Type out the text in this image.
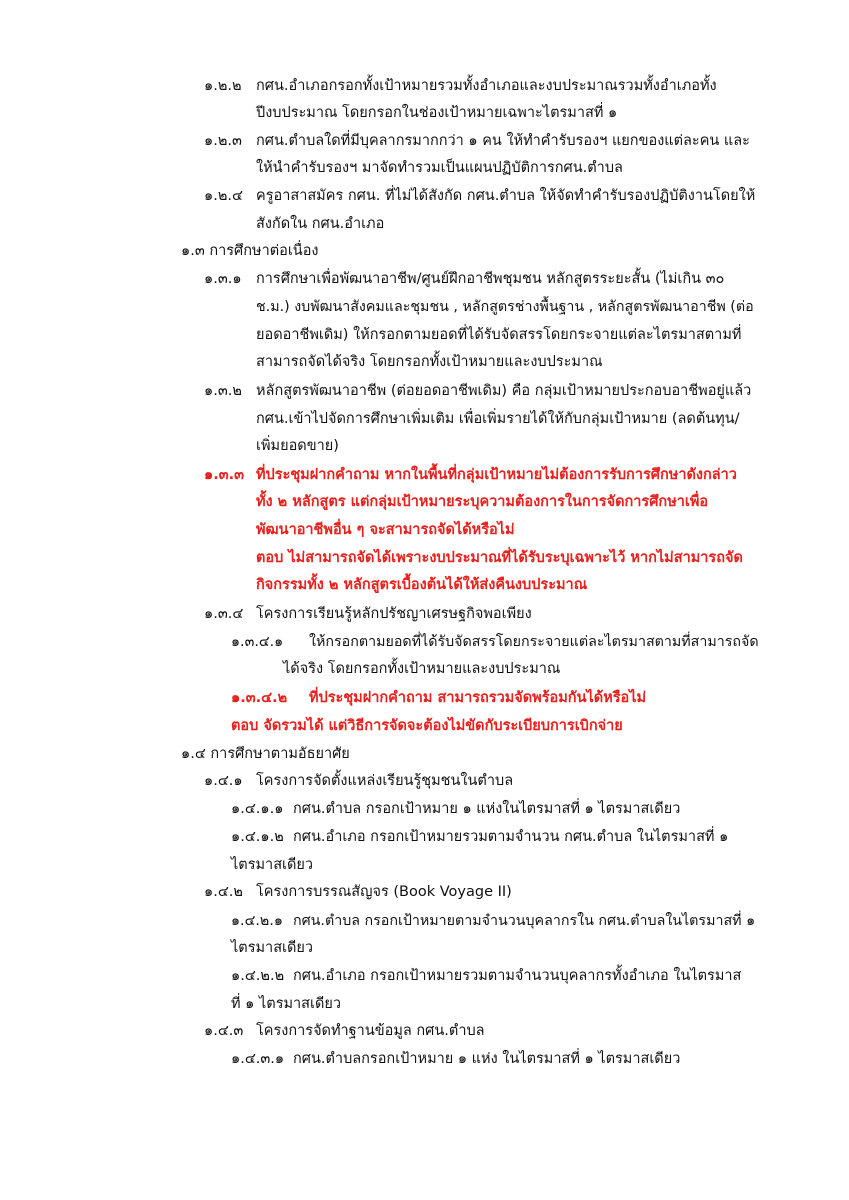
๑.๒.๒ กศน.อำเภอกรอกทั้งเป้าหมายรวมทั้งอำเภอและงบประมาณรวมทั้งอำเภอทั้ง
ปีงบประมาณ โดยกรอกในช่องเป้าหมายเฉพาะไตรมาสที่ ๑
๑.๒.๓ กศน.ตำบลใดที่มีบุคลากรมากกว่า ๑ คน ให้ทำคำรับรองฯ แยกของแต่ละคน และ
ให้นำคำรับรองฯ มาจัดทำรวมเป็นแผนปฏิบัติการกศน.ตำบล
๑.๒.๔ ครูอาสาสมัคร กศน. ที่ไม่ได้สังกัด กศน.ตำบล ให้จัดทำคำรับรองปฏิบัติงานโดยให้
สังกัดใน กศน.อำเภอ
๑.๓ การศึกษาต่อเนื่อง
๑.๓.๑ การศึกษาเพื่อพัฒนาอาชีพ/ศูนย์ฝึกอาชีพชุมชน หลักสูตรระยะสั้น (ไม่เกิน ๓๐
ช.ม.) งบพัฒนาสังคมและชุมชน , หลักสูตรช่างพื้นฐาน , หลักสูตรพัฒนาอาชีพ (ต่อ
ยอดอาชีพเดิม) ให้กรอกตามยอดที่ได้รับจัดสรรโดยกระจายแต่ละไตรมาสตามที่
สามารถจัดได้จริง โดยกรอกทั้งเป้าหมายและงบประมาณ
๑.๓.๒ หลักสูตรพัฒนาอาชีพ (ต่อยอดอาชีพเดิม) คือ กลุ่มเป้าหมายประกอบอาชีพอยู่แล้ว
กศน.เข้าไปจัดการศึกษาเพิ่มเติม เพื่อเพิ่มรายได้ให้กับกลุ่มเป้าหมาย (ลดต้นทุน/
เพิ่มยอดขาย)
๑.๓.๓ ที่ประชุมฝากคำถาม หากในพื้นที่กลุ่มเป้าหมายไม่ต้องการรับการศึกษาดังกล่าว
ทั้ง ๒ หลักสูตร แต่กลุ่มเป้าหมายระบุความต้องการในการจัดการศึกษาเพื่อ
พัฒนาอาชีพอื่น ๆ จะสามารถจัดได้หรือไม่
ตอบ ไม่สามารถจัดได้เพราะงบประมาณที่ได้รับระบุเฉพาะไว้ หากไม่สามารถจัด
กิจกรรมทั้ง ๒ หลักสูตรเบื้องต้นได้ให้ส่งคืนงบประมาณ
๑.๓.๔ โครงการเรียนรู้หลักปรัชญาเศรษฐกิจพอเพียง
๑.๓.๔.๑ ให้กรอกตามยอดที่ได้รับจัดสรรโดยกระจายแต่ละไตรมาสตามที่สามารถจัด
ได้จริง โดยกรอกทั้งเป้าหมายและงบประมาณ
๑.๓.๔.๒ ที่ประชุมฝากคำถาม สามารถรวมจัดพร้อมกันได้หรือไม่
ตอบ จัดรวมได้ แต่วิธีการจัดจะต้องไม่ขัดกับระเบียบการเบิกจ่าย
๑.๔ การศึกษาตามอัธยาศัย
๑.๔.๑ โครงการจัดตั้งแหล่งเรียนรู้ชุมชนในตำบล
๑.๔.๑.๑ กศน.ตำบล กรอกเป้าหมาย ๑ แห่งในไตรมาสที่ ๑ ไตรมาสเดียว
๑.๔.๑.๒ กศน.อำเภอ กรอกเป้าหมายรวมตามจำนวน กศน.ตำบล ในไตรมาสที่ ๑
ไตรมาสเดียว
๑.๔.๒ โครงการบรรณสัญจร (Book Voyage II)
๑.๔.๒.๑ กศน.ตำบล กรอกเป้าหมายตามจำนวนบุคลากรใน กศน.ตำบลในไตรมาสที่ ๑
ไตรมาสเดียว
๑.๔.๒.๒ กศน.อำเภอ กรอกเป้าหมายรวมตามจำนวนบุคลากรทั้งอำเภอ ในไตรมาส
ที่ ๑ ไตรมาสเดียว
๑.๔.๓ โครงการจัดทำฐานข้อมูล กศน.ตำบล
๑.๔.๓.๑ กศน.ตำบลกรอกเป้าหมาย ๑ แห่ง ในไตรมาสที่ ๑ ไตรมาสเดียว
